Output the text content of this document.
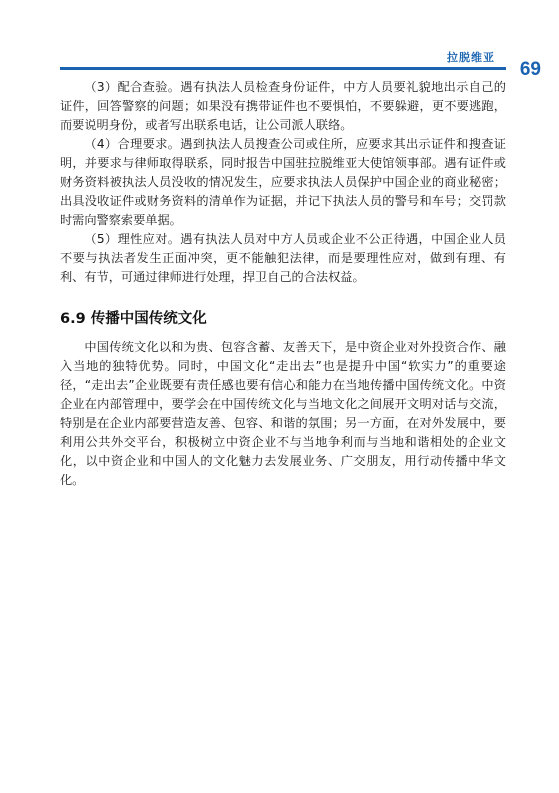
拉脱维亚
69

（3）配合查验。遇有执法人员检查身份证件，中方人员要礼貌地出示自己的证件，回答警察的问题；如果没有携带证件也不要惧怕，不要躲避，更不要逃跑，而要说明身份，或者写出联系电话，让公司派人联络。

（4）合理要求。遇到执法人员搜查公司或住所，应要求其出示证件和搜查证明，并要求与律师取得联系，同时报告中国驻拉脱维亚大使馆领事部。遇有证件或财务资料被执法人员没收的情况发生，应要求执法人员保护中国企业的商业秘密；出具没收证件或财务资料的清单作为证据，并记下执法人员的警号和车号；交罚款时需向警察索要单据。

（5）理性应对。遇有执法人员对中方人员或企业不公正待遇，中国企业人员不要与执法者发生正面冲突，更不能触犯法律，而是要理性应对，做到有理、有利、有节，可通过律师进行处理，捍卫自己的合法权益。

6.9 传播中国传统文化

中国传统文化以和为贵、包容含蓄、友善天下，是中资企业对外投资合作、融入当地的独特优势。同时，中国文化“走出去”也是提升中国“软实力”的重要途径，“走出去”企业既要有责任感也要有信心和能力在当地传播中国传统文化。中资企业在内部管理中，要学会在中国传统文化与当地文化之间展开文明对话与交流，特别是在企业内部要营造友善、包容、和谐的氛围；另一方面，在对外发展中，要利用公共外交平台，积极树立中资企业不与当地争利而与当地和谐相处的企业文化，以中资企业和中国人的文化魅力去发展业务、广交朋友，用行动传播中华文化。
